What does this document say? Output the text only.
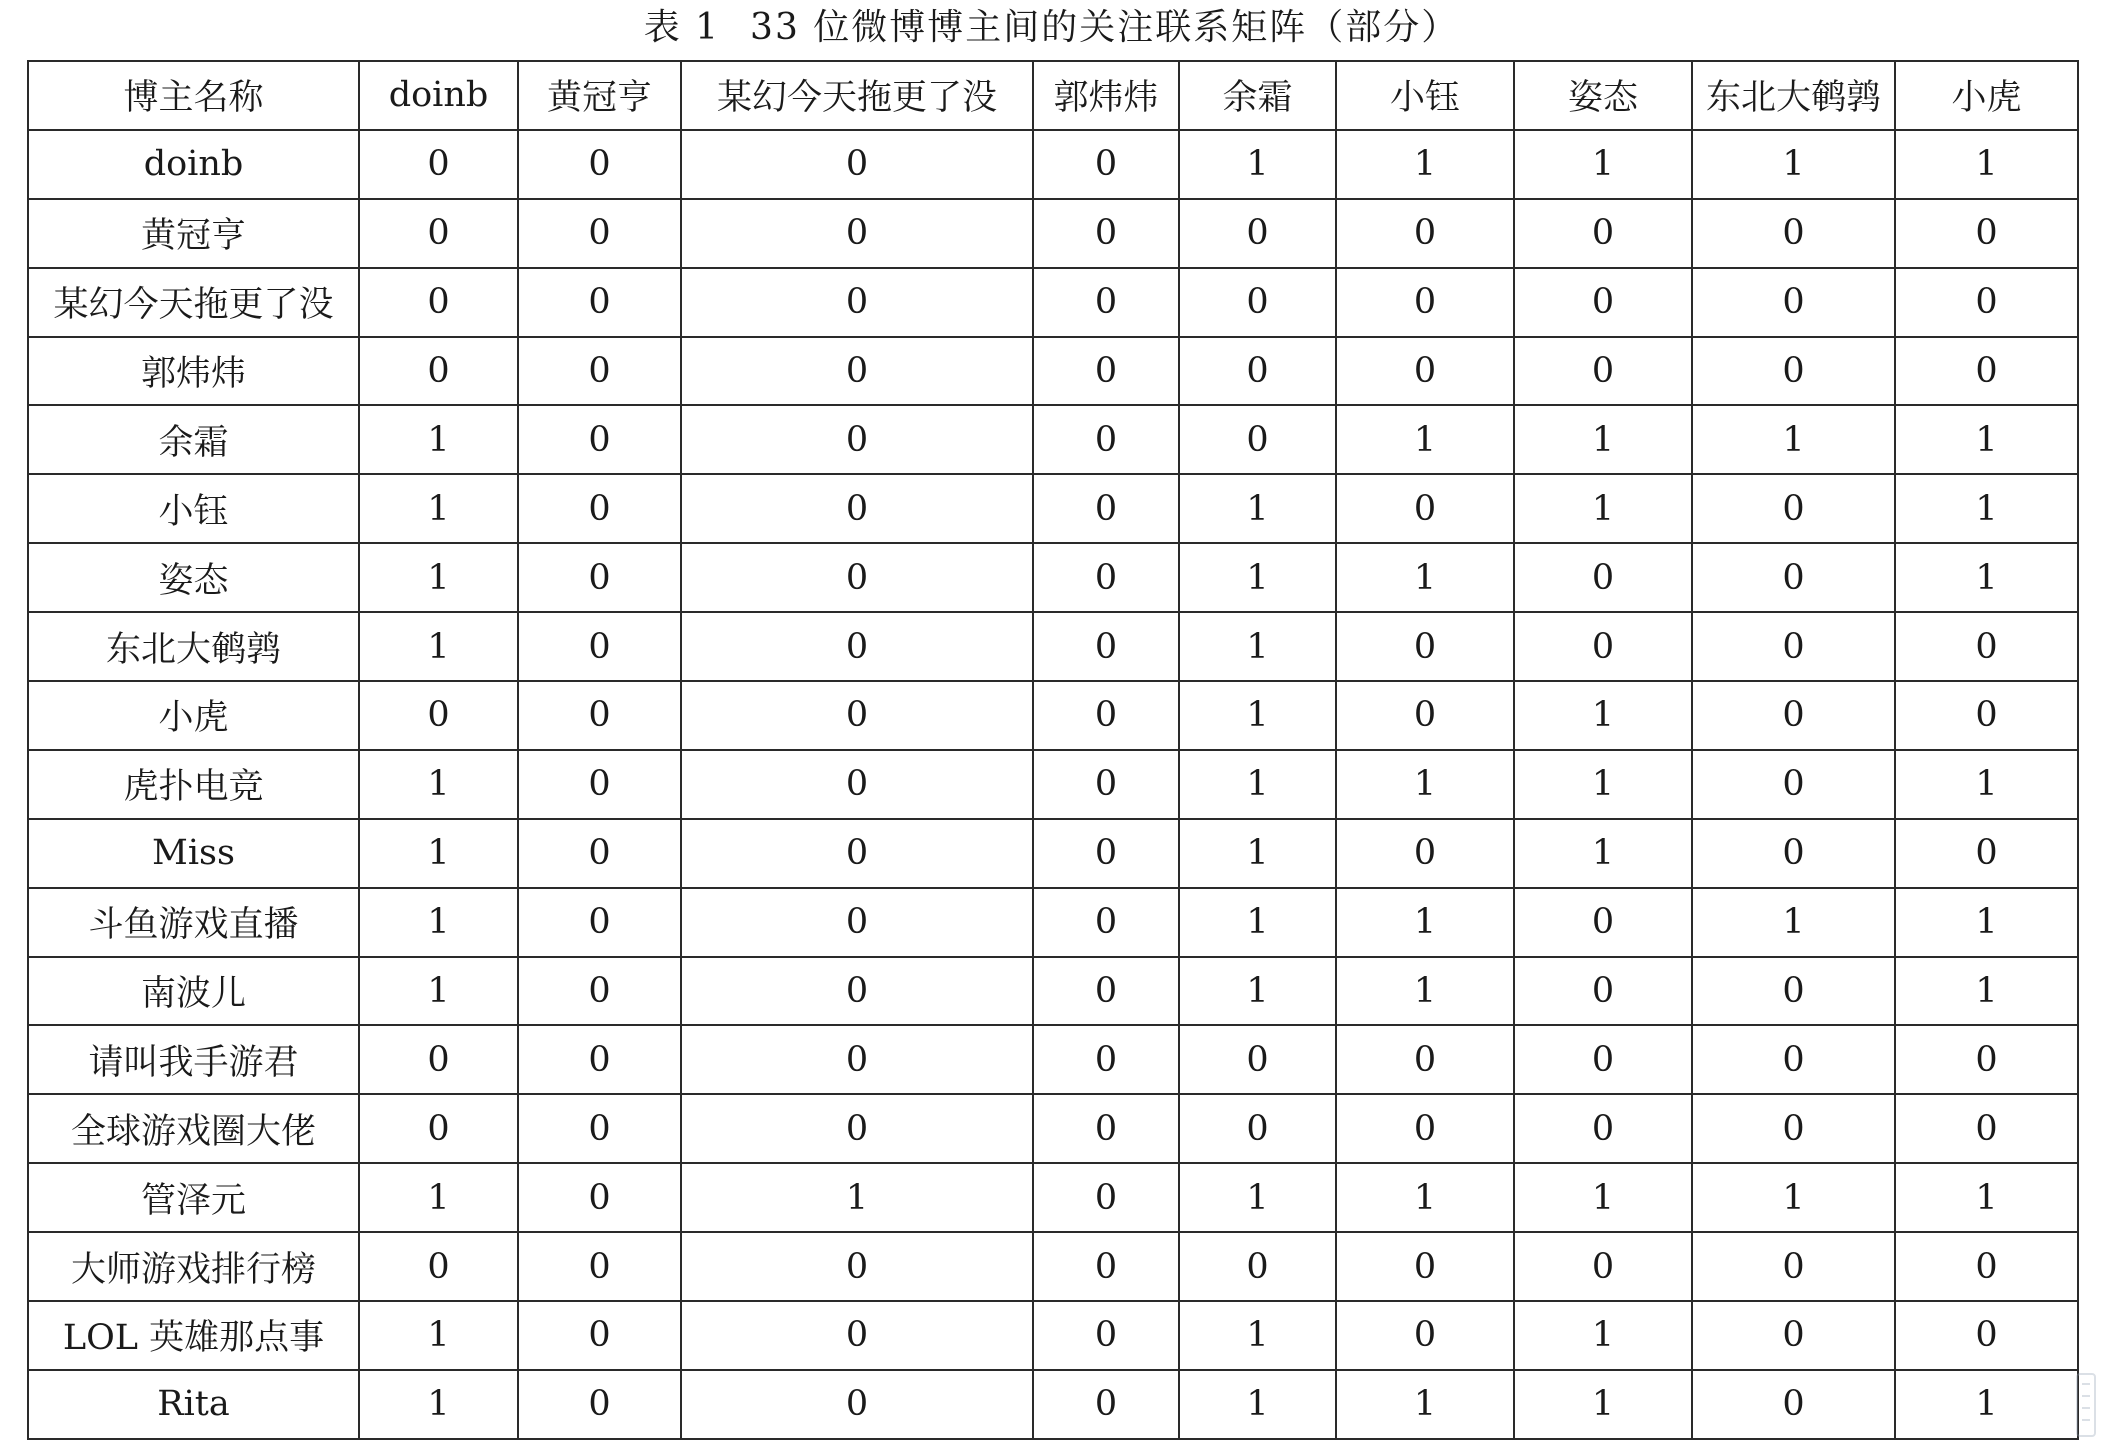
表 1 33 位微博博主间的关注联系矩阵（部分）
博主名称	doinb	黄冠亨	某幻今天拖更了没	郭炜炜	余霜	小钰	姿态	东北大鹌鹑	小虎
doinb	0	0	0	0	1	1	1	1	1
黄冠亨	0	0	0	0	0	0	0	0	0
某幻今天拖更了没	0	0	0	0	0	0	0	0	0
郭炜炜	0	0	0	0	0	0	0	0	0
余霜	1	0	0	0	0	1	1	1	1
小钰	1	0	0	0	1	0	1	0	1
姿态	1	0	0	0	1	1	0	0	1
东北大鹌鹑	1	0	0	0	1	0	0	0	0
小虎	0	0	0	0	1	0	1	0	0
虎扑电竞	1	0	0	0	1	1	1	0	1
Miss	1	0	0	0	1	0	1	0	0
斗鱼游戏直播	1	0	0	0	1	1	0	1	1
南波儿	1	0	0	0	1	1	0	0	1
请叫我手游君	0	0	0	0	0	0	0	0	0
全球游戏圈大佬	0	0	0	0	0	0	0	0	0
管泽元	1	0	1	0	1	1	1	1	1
大师游戏排行榜	0	0	0	0	0	0	0	0	0
LOL 英雄那点事	1	0	0	0	1	0	1	0	0
Rita	1	0	0	0	1	1	1	0	1
